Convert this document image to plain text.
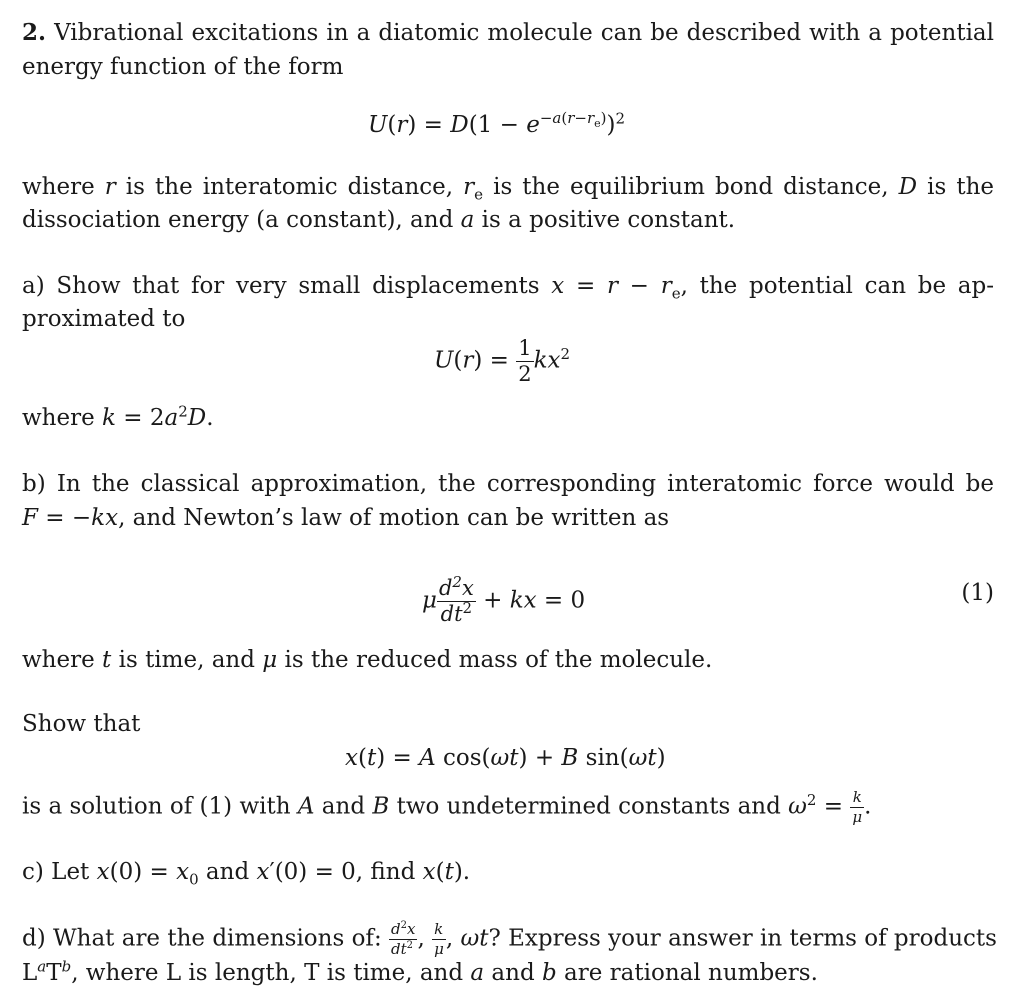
2. Vibrational excitations in a diatomic molecule can be described with a potential
energy function of the form
$U(r) = D(1 - e^{-a(r-r_e)})^2$
where r is the interatomic distance, $r_e$ is the equilibrium bond distance, D is the
dissociation energy (a constant), and a is a positive constant.
a) Show that for very small displacements $x = r - r_e$, the potential can be ap-
proximated to
$U(r) = \frac{1}{2} kx^2$
where $k = 2a^2D$.
b) In the classical approximation, the corresponding interatomic force would be
F = −kx, and Newton’s law of motion can be written as
μ $\frac{d^2x}{dt^2}$ + kx = 0	(1)
where t is time, and μ is the reduced mass of the molecule.
Show that
x(t) = A cos(ωt) + B sin(ωt)
is a solution of (1) with A and B two undetermined constants and $\omega^2 = \frac{k}{\mu}$ .
c) Let $x(0) = x_0$ and x′(0) = 0, find x(t).
d) What are the dimensions of: $\frac{d^2x}{dt^2}$ , $\frac{k}{\mu}$ , ωt? Express your answer in terms of products
$L^aT^b$, where L is length, T is time, and a and b are rational numbers.
